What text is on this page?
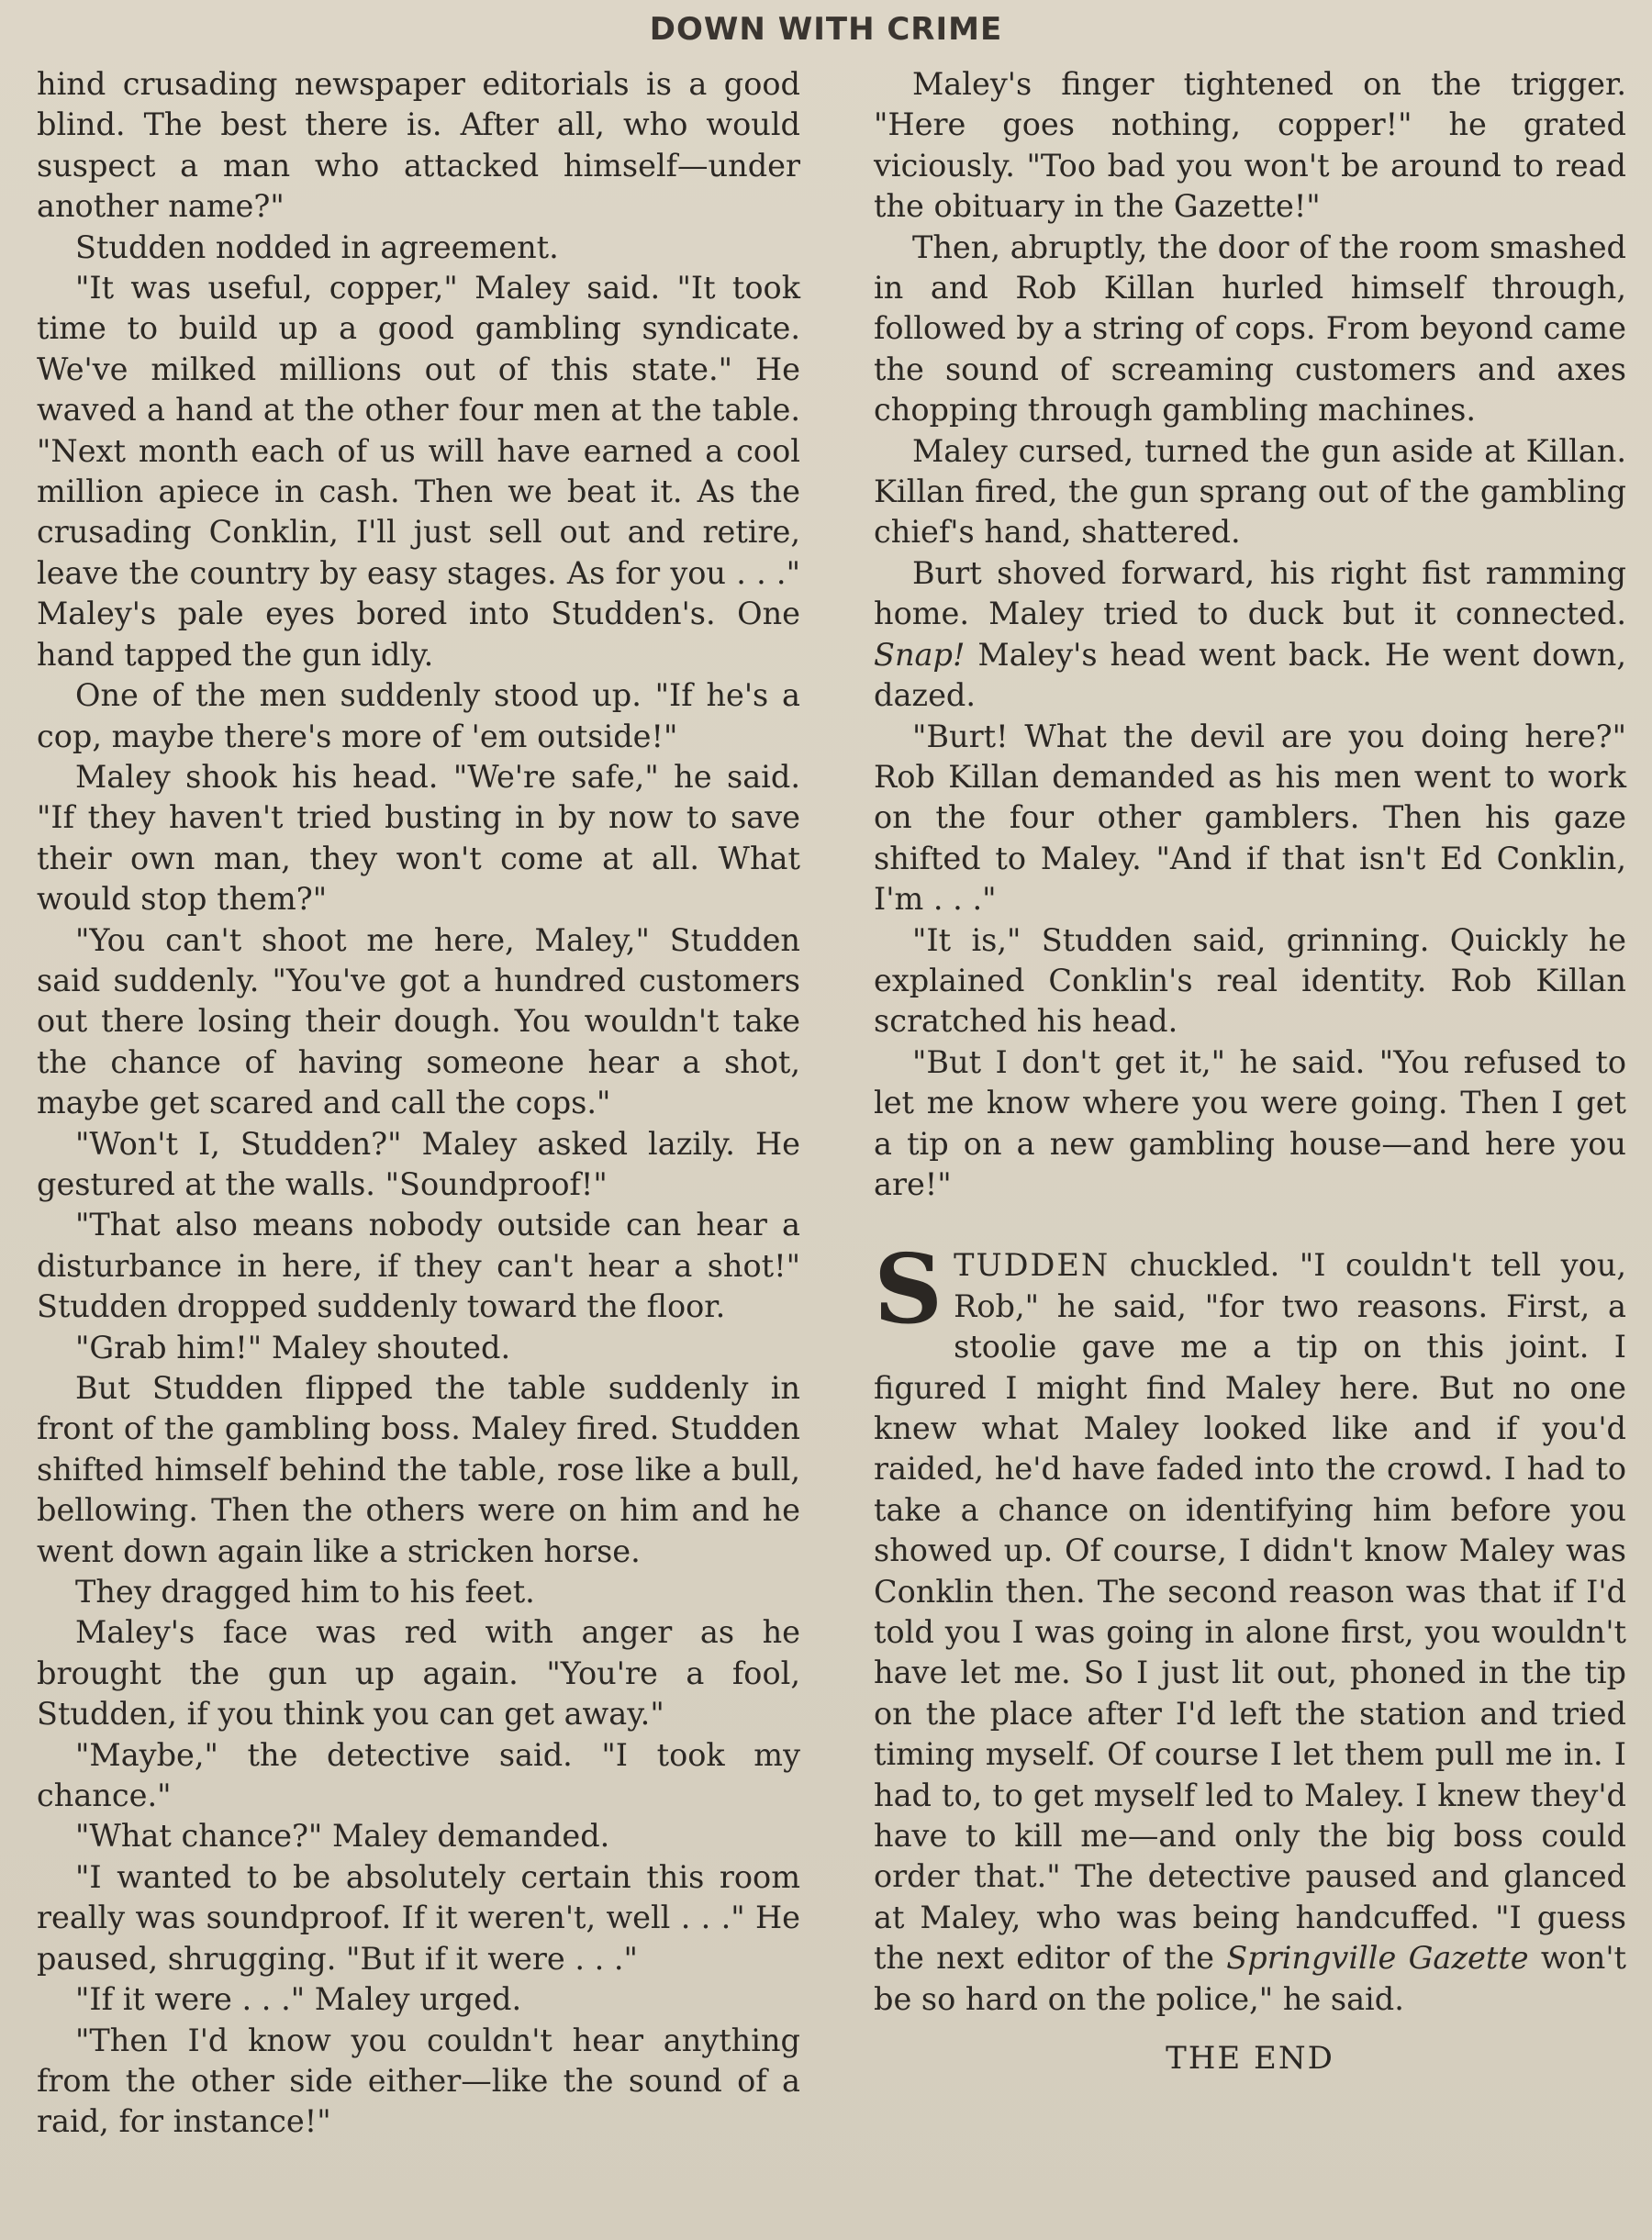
DOWN WITH CRIME

hind crusading newspaper editorials is a good blind. The best there is. After all, who would suspect a man who attacked himself—under another name?"

Studden nodded in agreement.

"It was useful, copper," Maley said. "It took time to build up a good gambling syndicate. We've milked millions out of this state." He waved a hand at the other four men at the table. "Next month each of us will have earned a cool million apiece in cash. Then we beat it. As the crusading Conklin, I'll just sell out and retire, leave the country by easy stages. As for you . . ." Maley's pale eyes bored into Studden's. One hand tapped the gun idly.

One of the men suddenly stood up. "If he's a cop, maybe there's more of 'em outside!"

Maley shook his head. "We're safe," he said. "If they haven't tried busting in by now to save their own man, they won't come at all. What would stop them?"

"You can't shoot me here, Maley," Studden said suddenly. "You've got a hundred customers out there losing their dough. You wouldn't take the chance of having someone hear a shot, maybe get scared and call the cops."

"Won't I, Studden?" Maley asked lazily. He gestured at the walls. "Soundproof!"

"That also means nobody outside can hear a disturbance in here, if they can't hear a shot!" Studden dropped suddenly toward the floor.

"Grab him!" Maley shouted.

But Studden flipped the table suddenly in front of the gambling boss. Maley fired. Studden shifted himself behind the table, rose like a bull, bellowing. Then the others were on him and he went down again like a stricken horse.

They dragged him to his feet.

Maley's face was red with anger as he brought the gun up again. "You're a fool, Studden, if you think you can get away."

"Maybe," the detective said. "I took my chance."

"What chance?" Maley demanded.

"I wanted to be absolutely certain this room really was soundproof. If it weren't, well . . ." He paused, shrugging. "But if it were . . ."

"If it were . . ." Maley urged.

"Then I'd know you couldn't hear anything from the other side either—like the sound of a raid, for instance!"

Maley's finger tightened on the trigger. "Here goes nothing, copper!" he grated viciously. "Too bad you won't be around to read the obituary in the Gazette!"

Then, abruptly, the door of the room smashed in and Rob Killan hurled himself through, followed by a string of cops. From beyond came the sound of screaming customers and axes chopping through gambling machines.

Maley cursed, turned the gun aside at Killan. Killan fired, the gun sprang out of the gambling chief's hand, shattered.

Burt shoved forward, his right fist ramming home. Maley tried to duck but it connected. Snap! Maley's head went back. He went down, dazed.

"Burt! What the devil are you doing here?" Rob Killan demanded as his men went to work on the four other gamblers. Then his gaze shifted to Maley. "And if that isn't Ed Conklin, I'm . . ."

"It is," Studden said, grinning. Quickly he explained Conklin's real identity. Rob Killan scratched his head.

"But I don't get it," he said. "You refused to let me know where you were going. Then I get a tip on a new gambling house—and here you are!"

STUDDEN chuckled. "I couldn't tell you, Rob," he said, "for two reasons. First, a stoolie gave me a tip on this joint. I figured I might find Maley here. But no one knew what Maley looked like and if you'd raided, he'd have faded into the crowd. I had to take a chance on identifying him before you showed up. Of course, I didn't know Maley was Conklin then. The second reason was that if I'd told you I was going in alone first, you wouldn't have let me. So I just lit out, phoned in the tip on the place after I'd left the station and tried timing myself. Of course I let them pull me in. I had to, to get myself led to Maley. I knew they'd have to kill me—and only the big boss could order that." The detective paused and glanced at Maley, who was being handcuffed. "I guess the next editor of the Springville Gazette won't be so hard on the police," he said.

THE END
